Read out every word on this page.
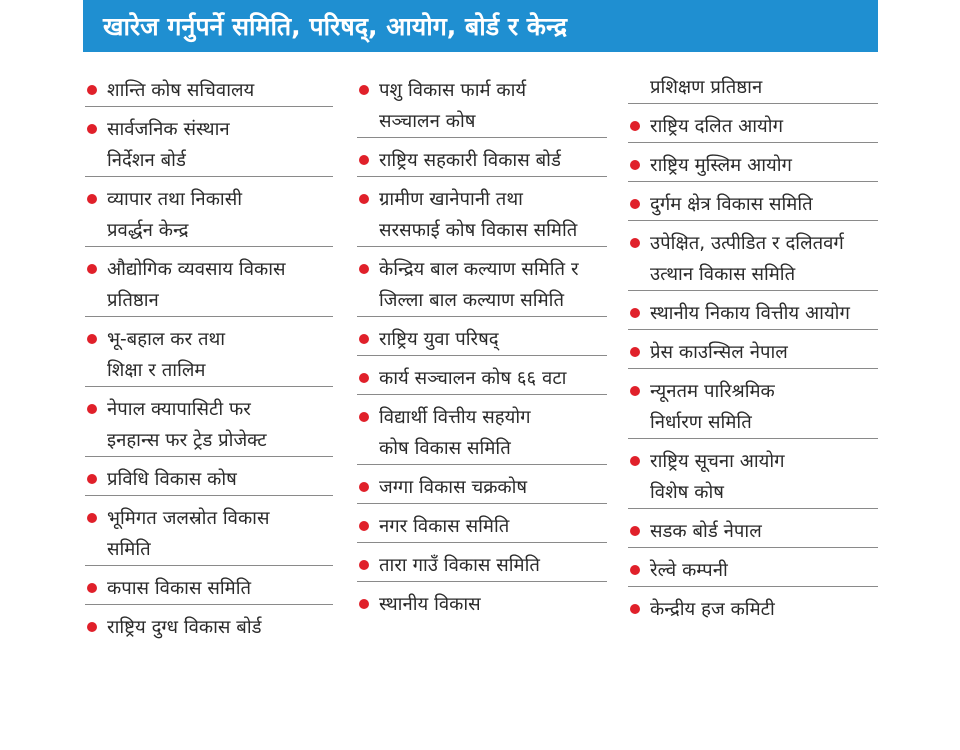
खारेज गर्नुपर्ने समिति, परिषद्, आयोग, बोर्ड र केन्द्र
शान्ति कोष सचिवालय
सार्वजनिक संस्थान
निर्देशन बोर्ड
व्यापार तथा निकासी
प्रवर्द्धन केन्द्र
औद्योगिक व्यवसाय विकास
प्रतिष्ठान
भू-बहाल कर तथा
शिक्षा र तालिम
नेपाल क्यापासिटी फर
इनहान्स फर ट्रेड प्रोजेक्ट
प्रविधि विकास कोष
भूमिगत जलस्रोत विकास
समिति
कपास विकास समिति
राष्ट्रिय दुग्ध विकास बोर्ड
पशु विकास फार्म कार्य
सञ्चालन कोष
राष्ट्रिय सहकारी विकास बोर्ड
ग्रामीण खानेपानी तथा
सरसफाई कोष विकास समिति
केन्द्रिय बाल कल्याण समिति र
जिल्ला बाल कल्याण समिति
राष्ट्रिय युवा परिषद्
कार्य सञ्चालन कोष ६६ वटा
विद्यार्थी वित्तीय सहयोग
कोष विकास समिति
जग्गा विकास चक्रकोष
नगर विकास समिति
तारा गाउँ विकास समिति
स्थानीय विकास
प्रशिक्षण प्रतिष्ठान
राष्ट्रिय दलित आयोग
राष्ट्रिय मुस्लिम आयोग
दुर्गम क्षेत्र विकास समिति
उपेक्षित, उत्पीडित र दलितवर्ग
उत्थान विकास समिति
स्थानीय निकाय वित्तीय आयोग
प्रेस काउन्सिल नेपाल
न्यूनतम पारिश्रमिक
निर्धारण समिति
राष्ट्रिय सूचना आयोग
विशेष कोष
सडक बोर्ड नेपाल
रेल्वे कम्पनी
केन्द्रीय हज कमिटी
